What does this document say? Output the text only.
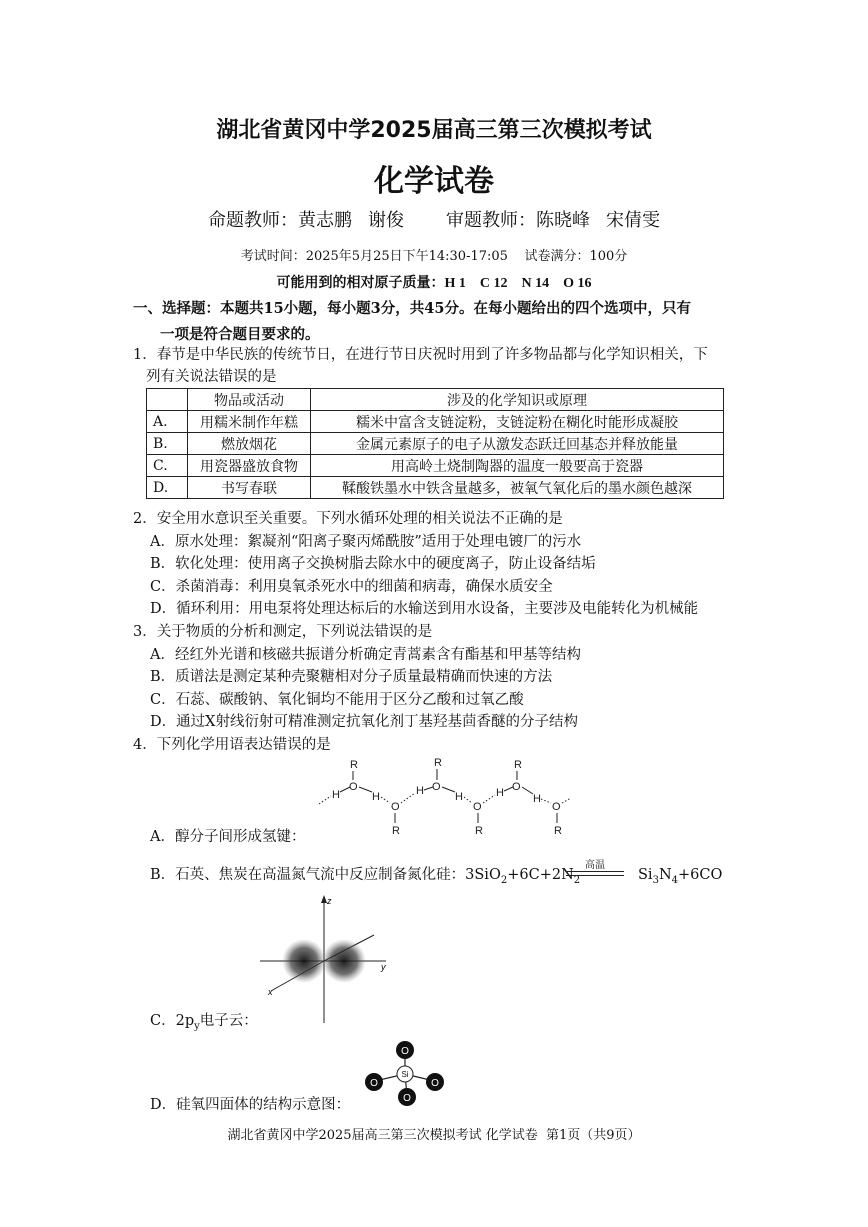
湖北省黄冈中学2025届高三第三次模拟考试
化学试卷
命题教师：黄志鹏 谢俊 审题教师：陈晓峰 宋倩雯
考试时间：2025年5月25日下午14:30-17:05    试卷满分：100分
可能用到的相对原子质量：H 1    C 12    N 14    O 16
一、选择题：本题共15小题，每小题3分，共45分。在每小题给出的四个选项中，只有
一项是符合题目要求的。
1．春节是中华民族的传统节日，在进行节日庆祝时用到了许多物品都与化学知识相关，下
列有关说法错误的是
	物品或活动	涉及的化学知识或原理
A.	用糯米制作年糕	糯米中富含支链淀粉，支链淀粉在糊化时能形成凝胶
B.	燃放烟花	金属元素原子的电子从激发态跃迁回基态并释放能量
C.	用瓷器盛放食物	用高岭土烧制陶器的温度一般要高于瓷器
D.	书写春联	鞣酸铁墨水中铁含量越多，被氧气氧化后的墨水颜色越深
2．安全用水意识至关重要。下列水循环处理的相关说法不正确的是
A．原水处理：絮凝剂“阳离子聚丙烯酰胺”适用于处理电镀厂的污水
B．软化处理：使用离子交换树脂去除水中的硬度离子，防止设备结垢
C．杀菌消毒：利用臭氧杀死水中的细菌和病毒，确保水质安全
D．循环利用：用电泵将处理达标后的水输送到用水设备，主要涉及电能转化为机械能
3．关于物质的分析和测定，下列说法错误的是
A．经红外光谱和核磁共振谱分析确定青蒿素含有酯基和甲基等结构
B．质谱法是测定某种壳聚糖相对分子质量最精确而快速的方法
C．石蕊、碳酸钠、氧化铜均不能用于区分乙酸和过氧乙酸
D．通过X射线衍射可精准测定抗氧化剂丁基羟基茴香醚的分子结构
4．下列化学用语表达错误的是
R
O
H	H
O
R
R
O
H	H
O
R
R
O
H	H
O
R
A．醇分子间形成氢键：
B．石英、焦炭在高温氮气流中反应制备氮化硅：$3SiO_2+6C+2N_2$
高温
$Si_3N_4+6CO$
z
y
x
C．$2p_y$电子云：
O
O	O
O
Si
D．硅氧四面体的结构示意图：
湖北省黄冈中学2025届高三第三次模拟考试 化学试卷  第1页（共9页）
